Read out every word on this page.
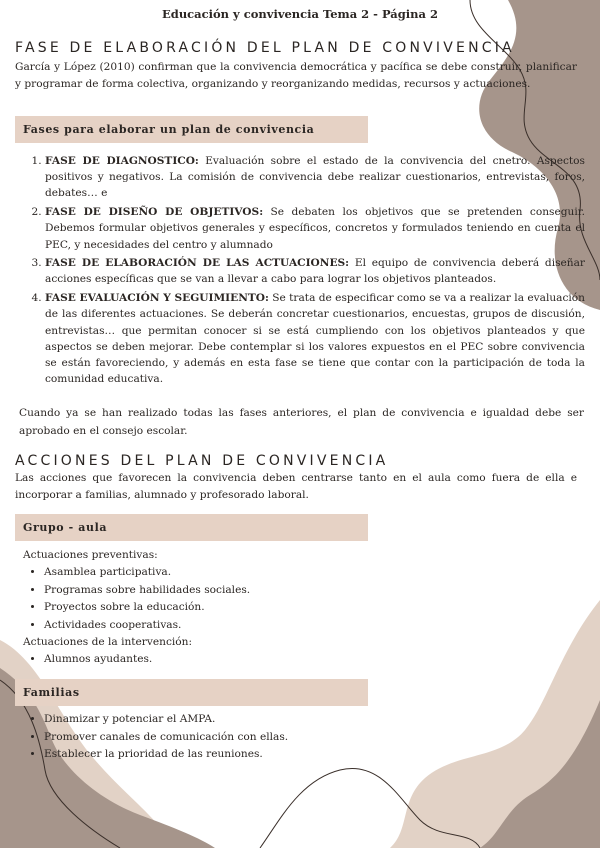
Educación y convivencia Tema 2 - Página 2
FASE DE ELABORACIÓN DEL PLAN DE CONVIVENCIA
García y López (2010) confirman que la convivencia democrática y pacífica se debe construir, planificar y programar de forma colectiva, organizando y reorganizando medidas, recursos y actuaciones.
Fases para elaborar un plan de convivencia
1. FASE DE DIAGNOSTICO: Evaluación sobre el estado de la convivencia del cnetro. Aspectos positivos y negativos. La comisión de convivencia debe realizar cuestionarios, entrevistas, foros, debates… e
2. FASE DE DISEÑO DE OBJETIVOS: Se debaten los objetivos que se pretenden conseguir. Debemos formular objetivos generales y específicos, concretos y formulados teniendo en cuenta el PEC, y necesidades del centro y alumnado
3. FASE DE ELABORACIÓN DE LAS ACTUACIONES: El equipo de convivencia deberá diseñar acciones específicas que se van a llevar a cabo para lograr los objetivos planteados.
4. FASE EVALUACIÓN Y SEGUIMIENTO: Se trata de especificar como se va a realizar la evaluación de las diferentes actuaciones. Se deberán concretar cuestionarios, encuestas, grupos de discusión, entrevistas… que permitan conocer si se está cumpliendo con los objetivos planteados y que aspectos se deben mejorar. Debe contemplar si los valores expuestos en el PEC sobre convivencia se están favoreciendo, y además en esta fase se tiene que contar con la participación de toda la comunidad educativa.
Cuando ya se han realizado todas las fases anteriores, el plan de convivencia e igualdad debe ser aprobado en el consejo escolar.
ACCIONES DEL PLAN DE CONVIVENCIA
Las acciones que favorecen la convivencia deben centrarse tanto en el aula como fuera de ella e incorporar a familias, alumnado y profesorado laboral.
Grupo - aula
Actuaciones preventivas:
• Asamblea participativa.
• Programas sobre habilidades sociales.
• Proyectos sobre la educación.
• Actividades cooperativas.
Actuaciones de la intervención:
• Alumnos ayudantes.
Familias
• Dinamizar y potenciar el AMPA.
• Promover canales de comunicación con ellas.
• Establecer la prioridad de las reuniones.
